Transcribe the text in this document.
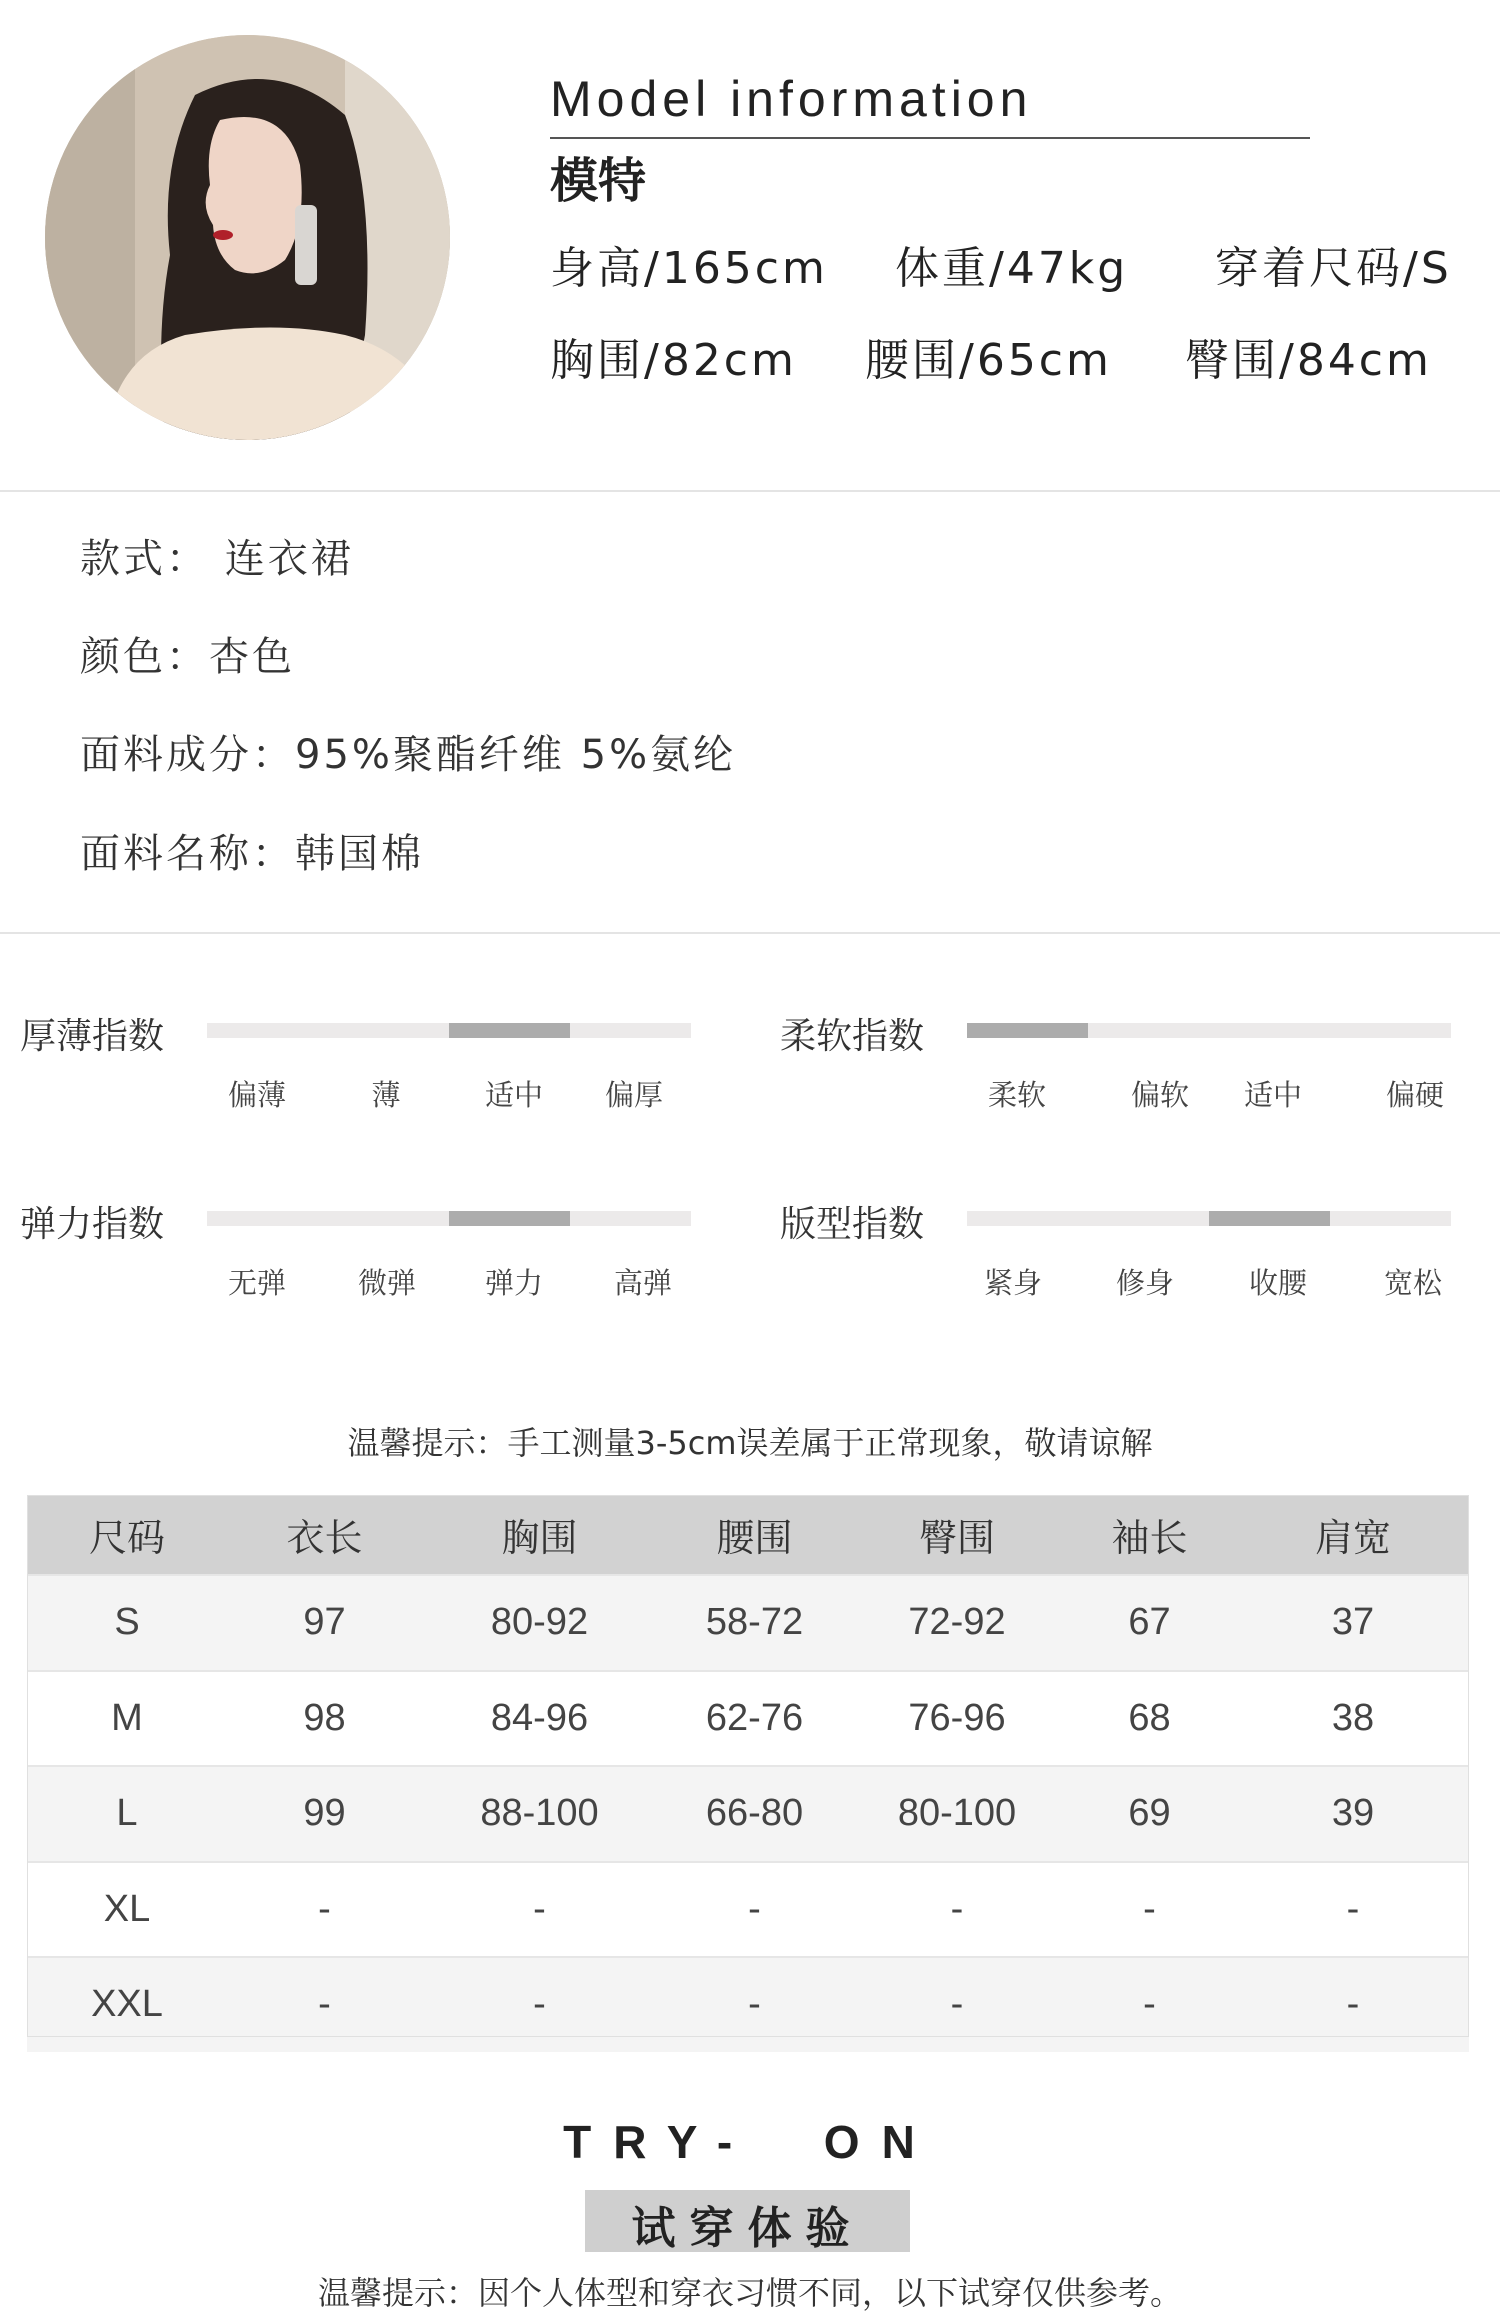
Model information
模特
身高/165cm 体重/47kg 穿着尺码/S
胸围/82cm 腰围/65cm 臀围/84cm
款式： 连衣裙
颜色：杏色
面料成分：95%聚酯纤维 5%氨纶
面料名称：韩国棉
厚薄指数
偏薄	薄	适中 偏厚
柔软指数
柔软	偏软 适中	偏硬
弹力指数
无弹 微弹 弹力 高弹
版型指数
紧身	修身	收腰	宽松
温馨提示：手工测量3-5cm误差属于正常现象，敬请谅解
尺码	衣长	胸围	腰围	臀围	袖长	肩宽
S	97	80-92	58-72	72-92	67	37
M	98	84-96	62-76	76-96	68	38
L	99	88-100	66-80	80-100	69	39
XL	-	-	-	-	-	-
XXL	-	-	-	-	-	-
TRY-  ON
试穿体验
温馨提示：因个人体型和穿衣习惯不同，以下试穿仅供参考。
